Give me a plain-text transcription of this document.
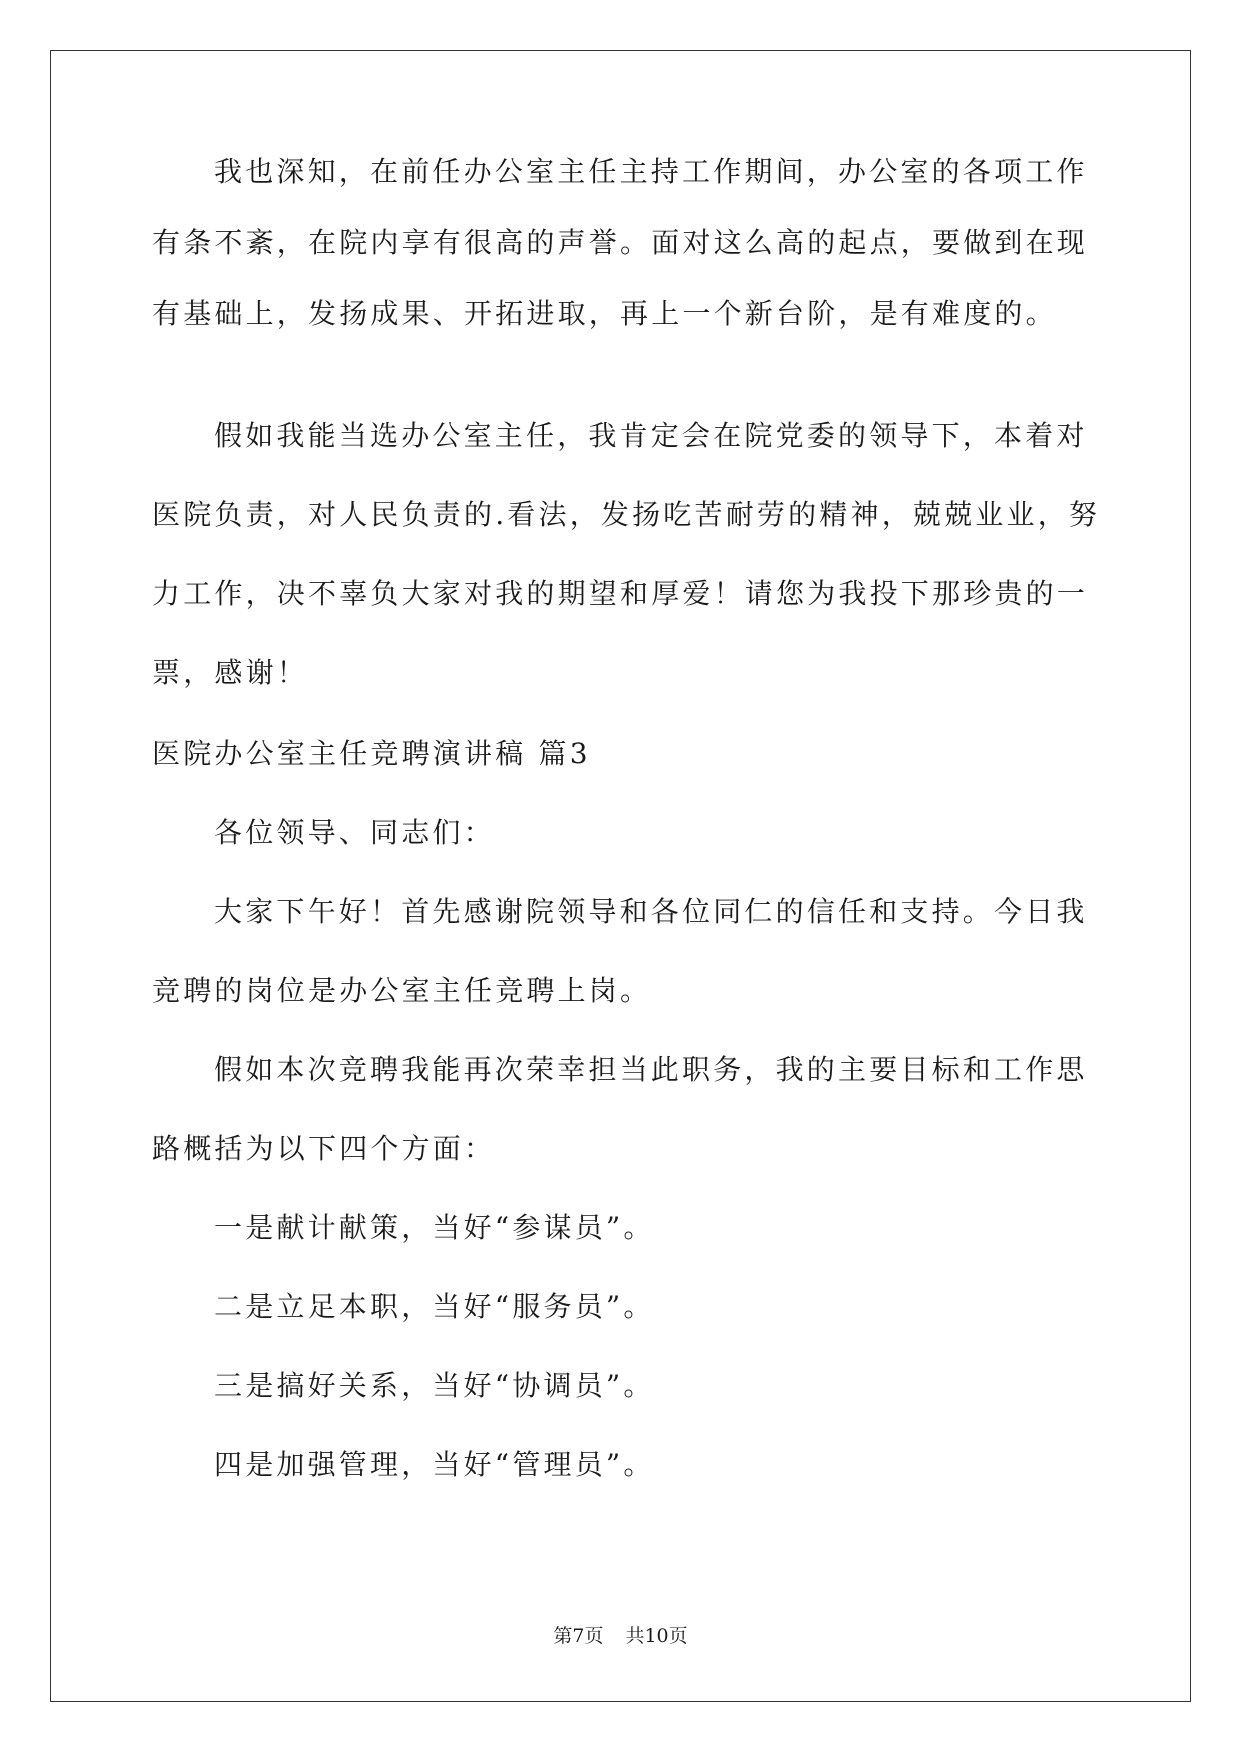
我也深知，在前任办公室主任主持工作期间，办公室的各项工作
有条不紊，在院内享有很高的声誉。面对这么高的起点，要做到在现
有基础上，发扬成果、开拓进取，再上一个新台阶，是有难度的。
假如我能当选办公室主任，我肯定会在院党委的领导下，本着对
医院负责，对人民负责的.看法，发扬吃苦耐劳的精神，兢兢业业，努
力工作，决不辜负大家对我的期望和厚爱！请您为我投下那珍贵的一
票，感谢！
医院办公室主任竞聘演讲稿 篇3
各位领导、同志们：
大家下午好！首先感谢院领导和各位同仁的信任和支持。今日我
竞聘的岗位是办公室主任竞聘上岗。
假如本次竞聘我能再次荣幸担当此职务，我的主要目标和工作思
路概括为以下四个方面：
一是献计献策，当好“参谋员”。
二是立足本职，当好“服务员”。
三是搞好关系，当好“协调员”。
四是加强管理，当好“管理员”。
第7页 共10页
